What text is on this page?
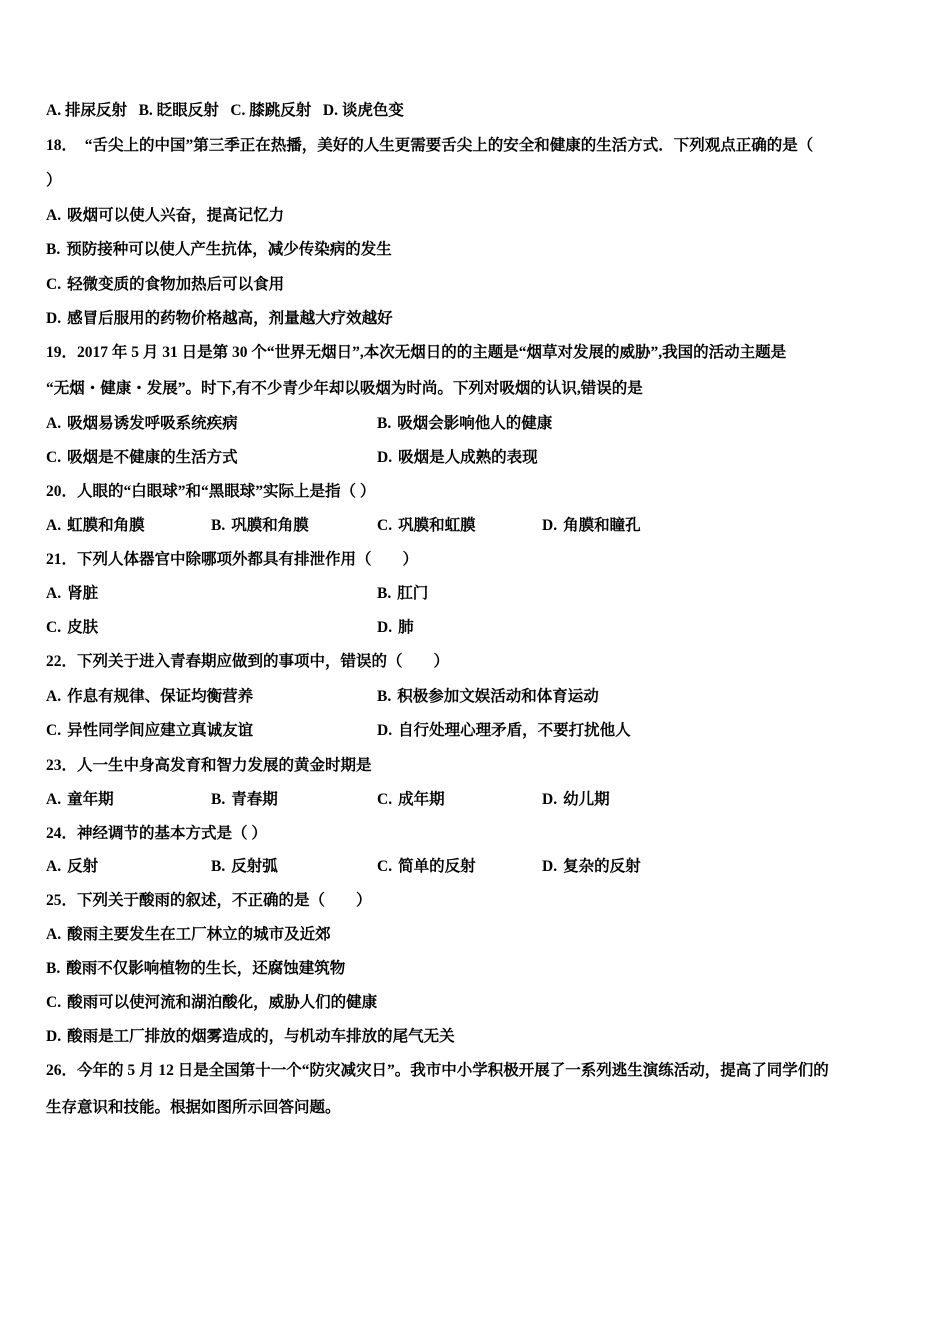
A. 排尿反射 B. 眨眼反射 C. 膝跳反射 D. 谈虎色变
18．　“舌尖上的中国”第三季正在热播，美好的人生更需要舌尖上的安全和健康的生活方式．下列观点正确的是（
）
A. 吸烟可以使人兴奋，提高记忆力
B. 预防接种可以使人产生抗体，减少传染病的发生
C. 轻微变质的食物加热后可以食用
D. 感冒后服用的药物价格越高，剂量越大疗效越好
19．2017 年 5 月 31 日是第 30 个“世界无烟日”,本次无烟日的的主题是“烟草对发展的威胁”,我国的活动主题是
“无烟・健康・发展”。时下,有不少青少年却以吸烟为时尚。下列对吸烟的认识,错误的是
A. 吸烟易诱发呼吸系统疾病	B. 吸烟会影响他人的健康
C. 吸烟是不健康的生活方式	D. 吸烟是人成熟的表现
20．人眼的“白眼球”和“黑眼球”实际上是指（ ）
A. 虹膜和角膜	B. 巩膜和角膜	C. 巩膜和虹膜	D. 角膜和瞳孔
21．下列人体器官中除哪项外都具有排泄作用（　　）
A. 肾脏	B. 肛门
C. 皮肤	D. 肺
22．下列关于进入青春期应做到的事项中，错误的（　　）
A. 作息有规律、保证均衡营养	B. 积极参加文娱活动和体育运动
C. 异性同学间应建立真诚友谊	D. 自行处理心理矛盾，不要打扰他人
23．人一生中身高发育和智力发展的黄金时期是
A. 童年期	B. 青春期	C. 成年期	D. 幼儿期
24．神经调节的基本方式是（ ）
A. 反射	B. 反射弧	C. 简单的反射	D. 复杂的反射
25．下列关于酸雨的叙述，不正确的是（　　）
A. 酸雨主要发生在工厂林立的城市及近郊
B. 酸雨不仅影响植物的生长，还腐蚀建筑物
C. 酸雨可以使河流和湖泊酸化，威胁人们的健康
D. 酸雨是工厂排放的烟雾造成的，与机动车排放的尾气无关
26．今年的 5 月 12 日是全国第十一个“防灾减灾日”。我市中小学积极开展了一系列逃生演练活动，提高了同学们的
生存意识和技能。根据如图所示回答问题。
